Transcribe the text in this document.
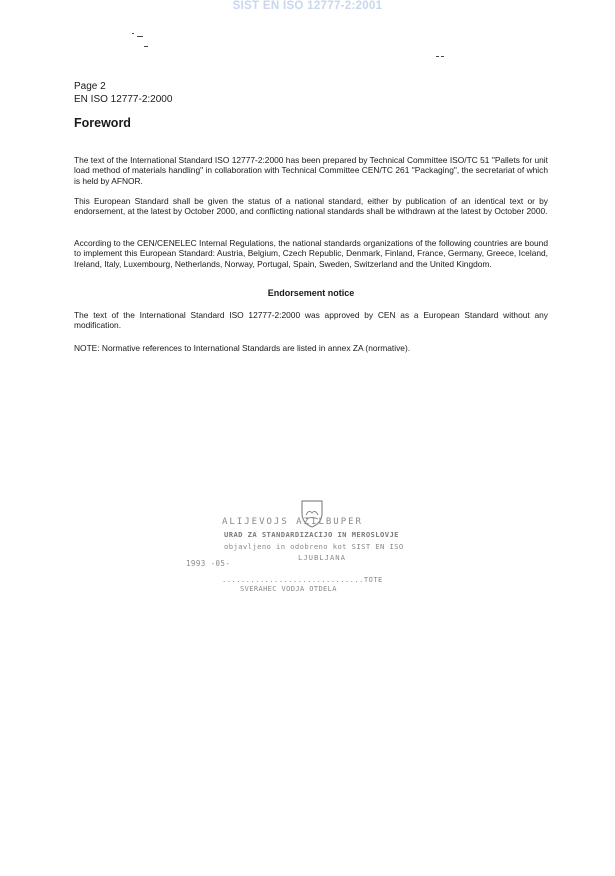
SIST EN ISO 12777-2:2001
Page 2
EN ISO 12777-2:2000
Foreword

The text of the International Standard ISO 12777-2:2000 has been prepared by Technical Committee ISO/TC 51 "Pallets for unit load method of materials handling" in collaboration with Technical Committee CEN/TC 261 "Packaging", the secretariat of which is held by AFNOR.

This European Standard shall be given the status of a national standard, either by publication of an identical text or by endorsement, at the latest by October 2000, and conflicting national standards shall be withdrawn at the latest by October 2000.

According to the CEN/CENELEC Internal Regulations, the national standards organizations of the following countries are bound to implement this European Standard: Austria, Belgium, Czech Republic, Denmark, Finland, France, Germany, Greece, Iceland, Ireland, Italy, Luxembourg, Netherlands, Norway, Portugal, Spain, Sweden, Switzerland and the United Kingdom.

Endorsement notice

The text of the International Standard ISO 12777-2:2000 was approved by CEN as a European Standard without any modification.

NOTE: Normative references to International Standards are listed in annex ZA (normative).

ALIJEVOJS AZILBUPER
URAD ZA STANDARDIZACIJO IN MEROSLOVJE
objavljeno in odobreno kot SIST EN ISO
LJUBLJANA
1993 -05-
..............................TOTE
SVERAHEC VODJA OTDELA
